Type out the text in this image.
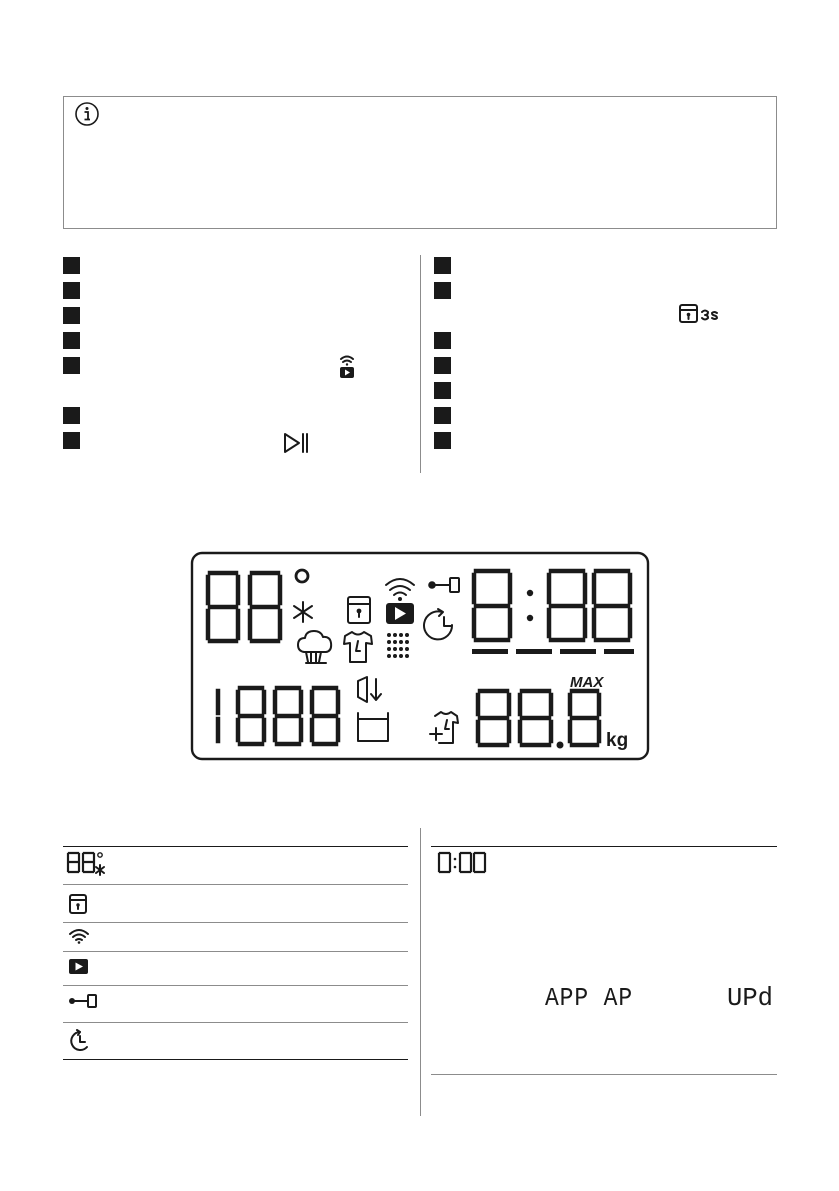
MAX
kg
APP AP	UPd
